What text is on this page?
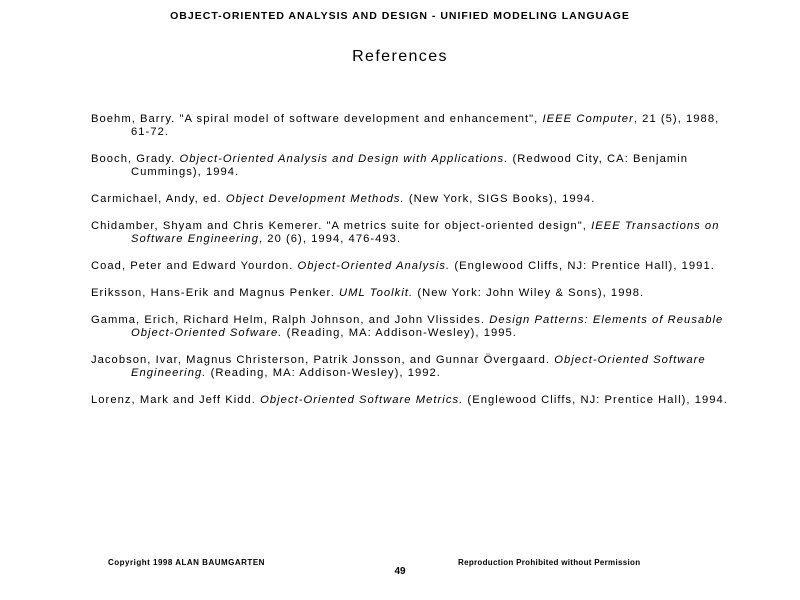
OBJECT-ORIENTED ANALYSIS AND DESIGN - UNIFIED MODELING LANGUAGE
References

Boehm, Barry. "A spiral model of software development and enhancement", IEEE Computer, 21 (5), 1988, 61-72.

Booch, Grady. Object-Oriented Analysis and Design with Applications. (Redwood City, CA: Benjamin Cummings), 1994.

Carmichael, Andy, ed. Object Development Methods. (New York, SIGS Books), 1994.

Chidamber, Shyam and Chris Kemerer. "A metrics suite for object-oriented design", IEEE Transactions on Software Engineering, 20 (6), 1994, 476-493.

Coad, Peter and Edward Yourdon. Object-Oriented Analysis. (Englewood Cliffs, NJ: Prentice Hall), 1991.

Eriksson, Hans-Erik and Magnus Penker. UML Toolkit. (New York: John Wiley & Sons), 1998.

Gamma, Erich, Richard Helm, Ralph Johnson, and John Vlissides. Design Patterns: Elements of Reusable Object-Oriented Sofware. (Reading, MA: Addison-Wesley), 1995.

Jacobson, Ivar, Magnus Christerson, Patrik Jonsson, and Gunnar Övergaard. Object-Oriented Software Engineering. (Reading, MA: Addison-Wesley), 1992.

Lorenz, Mark and Jeff Kidd. Object-Oriented Software Metrics. (Englewood Cliffs, NJ: Prentice Hall), 1994.

Copyright 1998 ALAN BAUMGARTEN	Reproduction Prohibited without Permission
49
